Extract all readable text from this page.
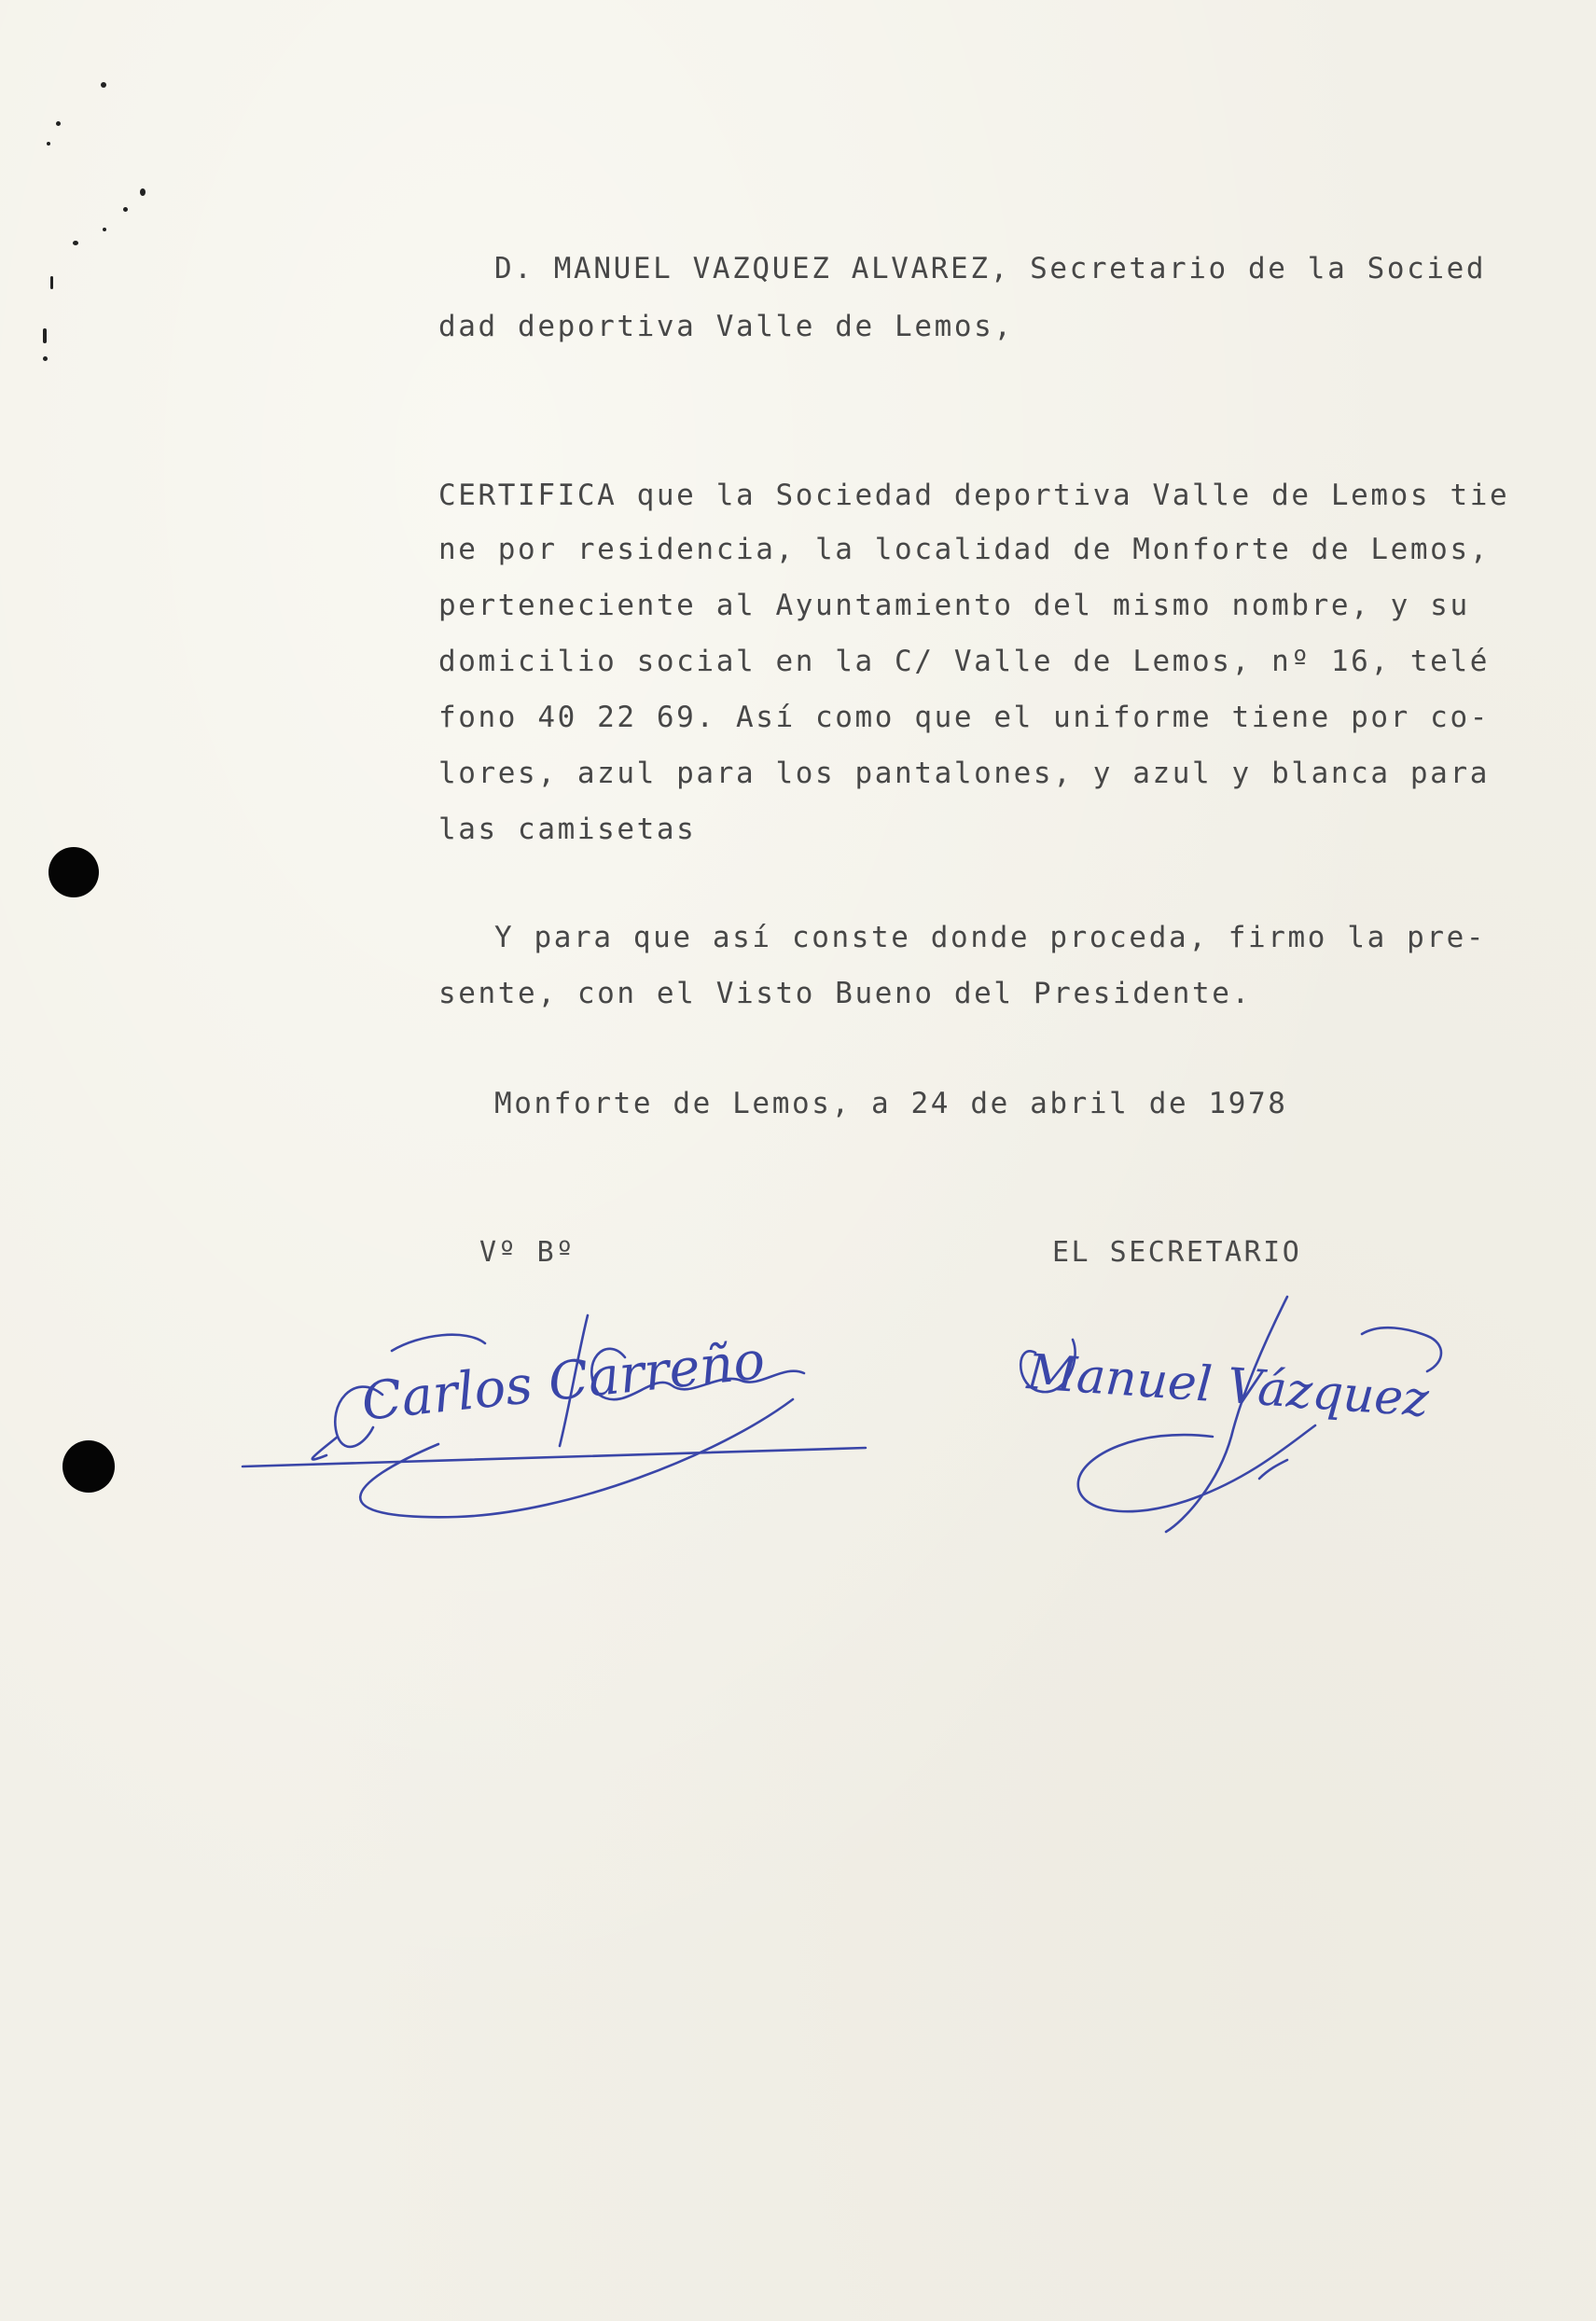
D. MANUEL VAZQUEZ ALVAREZ, Secretario de la Socied
dad deportiva Valle de Lemos,
CERTIFICA que la Sociedad deportiva Valle de Lemos tie
ne por residencia, la localidad de Monforte de Lemos,
perteneciente al Ayuntamiento del mismo nombre, y su
domicilio social en la C/ Valle de Lemos, nº 16, telé
fono 40 22 69. Así como que el uniforme tiene por co-
lores, azul para los pantalones, y azul y blanca para
las camisetas
Y para que así conste donde proceda, firmo la pre-
sente, con el Visto Bueno del Presidente.
Monforte de Lemos, a 24 de abril de 1978
Vº Bº	EL SECRETARIO
Carlos Carreño	Manuel Vázquez
